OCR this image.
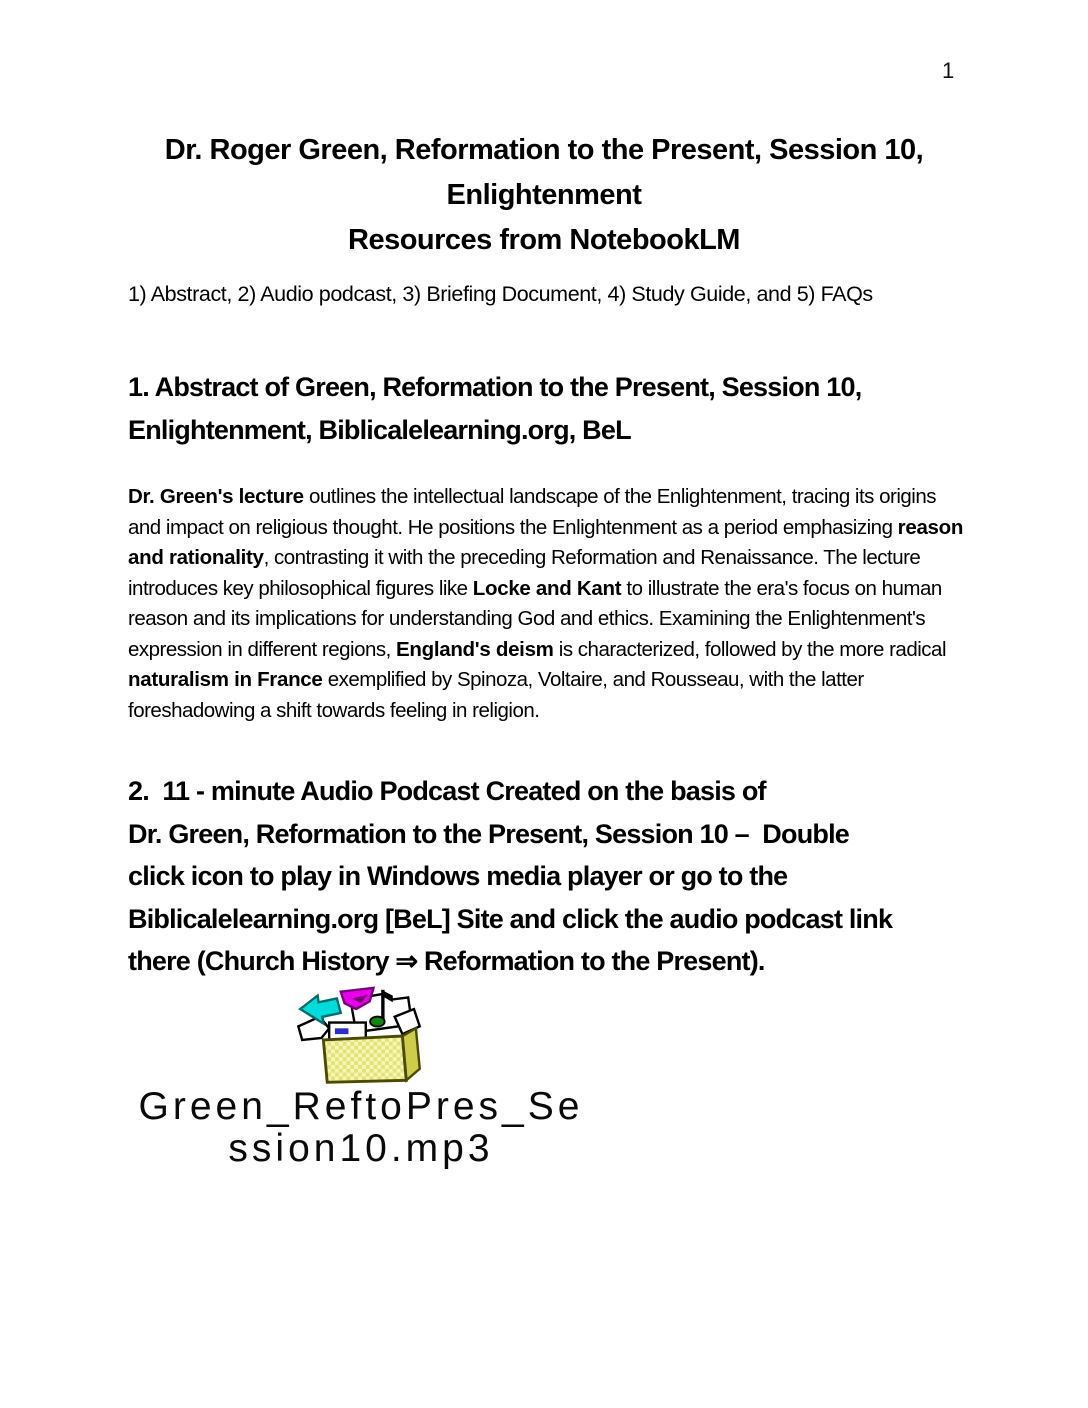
1
Dr. Roger Green, Reformation to the Present, Session 10,
Enlightenment
Resources from NotebookLM

1) Abstract, 2) Audio podcast, 3) Briefing Document, 4) Study Guide, and 5) FAQs

1. Abstract of Green, Reformation to the Present, Session 10,
Enlightenment, Biblicalelearning.org, BeL

Dr. Green's lecture outlines the intellectual landscape of the Enlightenment, tracing its origins and impact on religious thought. He positions the Enlightenment as a period emphasizing reason and rationality, contrasting it with the preceding Reformation and Renaissance. The lecture introduces key philosophical figures like Locke and Kant to illustrate the era's focus on human reason and its implications for understanding God and ethics. Examining the Enlightenment's expression in different regions, England's deism is characterized, followed by the more radical naturalism in France exemplified by Spinoza, Voltaire, and Rousseau, with the latter foreshadowing a shift towards feeling in religion.

2.  11 - minute Audio Podcast Created on the basis of
Dr. Green, Reformation to the Present, Session 10 –  Double
click icon to play in Windows media player or go to the
Biblicalelearning.org [BeL] Site and click the audio podcast link
there (Church History ⇒ Reformation to the Present).
Green_ReftoPres_Se
ssion10.mp3
